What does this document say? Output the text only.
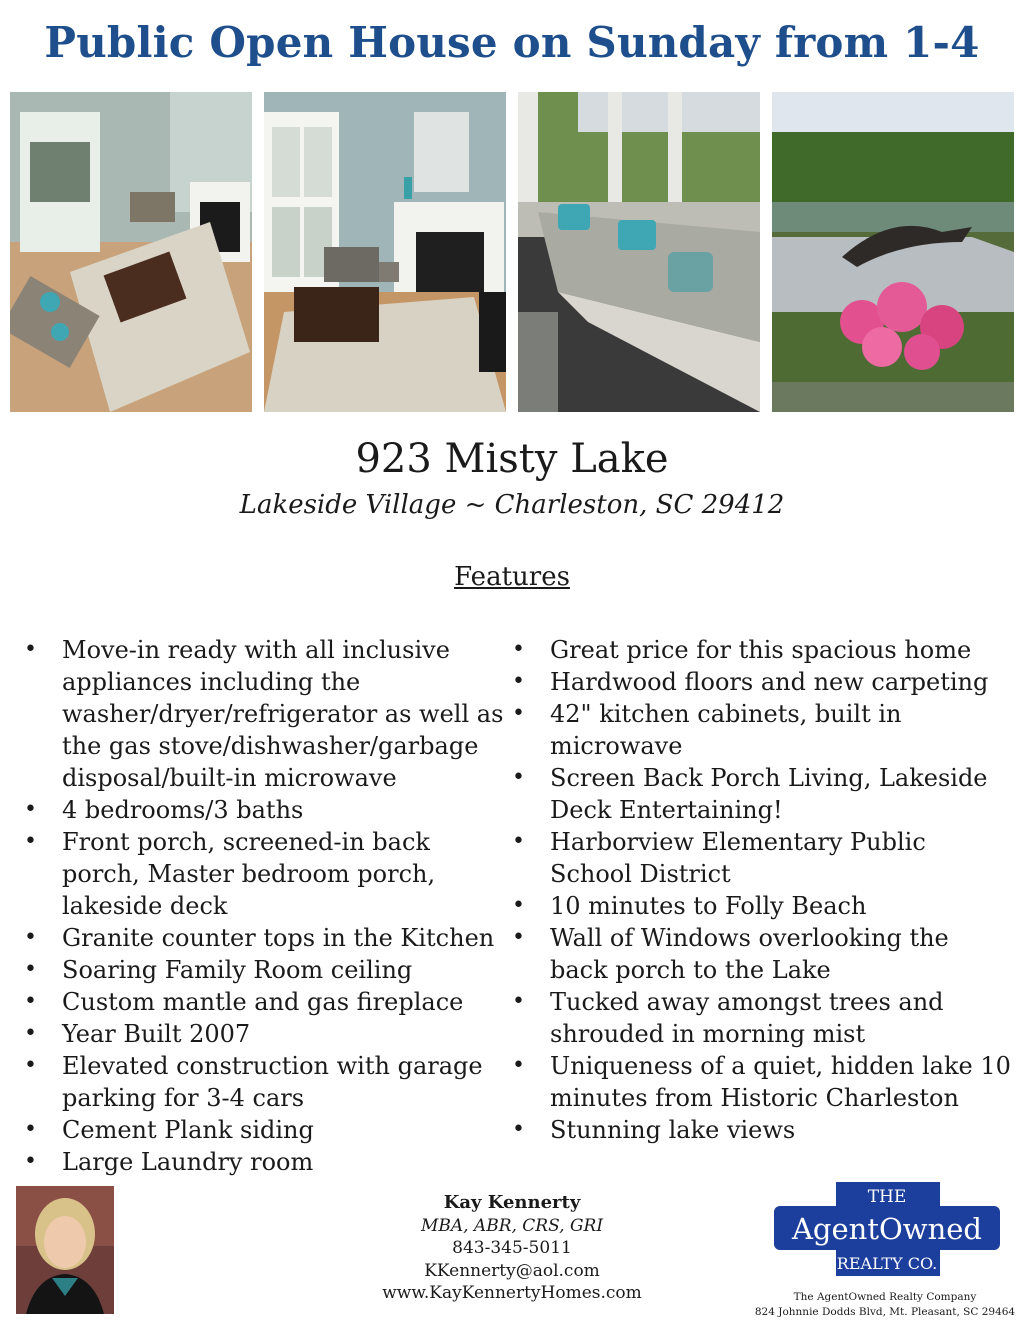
Public Open House on Sunday from 1-4
923 Misty Lake
Lakeside Village ~ Charleston, SC 29412
Features
• Move-in ready with all inclusive appliances including the washer/dryer/refrigerator as well as the gas stove/dishwasher/garbage disposal/built-in microwave
• 4 bedrooms/3 baths
• Front porch, screened-in back porch, Master bedroom porch, lakeside deck
• Granite counter tops in the Kitchen
• Soaring Family Room ceiling
• Custom mantle and gas fireplace
• Year Built 2007
• Elevated construction with garage parking for 3-4 cars
• Cement Plank siding
• Large Laundry room
• Great price for this spacious home
• Hardwood floors and new carpeting
• 42" kitchen cabinets, built in microwave
• Screen Back Porch Living, Lakeside Deck Entertaining!
• Harborview Elementary Public School District
• 10 minutes to Folly Beach
• Wall of Windows overlooking the back porch to the Lake
• Tucked away amongst trees and shrouded in morning mist
• Uniqueness of a quiet, hidden lake 10 minutes from Historic Charleston
• Stunning lake views
Kay Kennerty
MBA, ABR, CRS, GRI
843-345-5011
KKennerty@aol.com
www.KayKennertyHomes.com
THE
AgentOwned
REALTY CO.
The AgentOwned Realty Company
824 Johnnie Dodds Blvd, Mt. Pleasant, SC 29464
